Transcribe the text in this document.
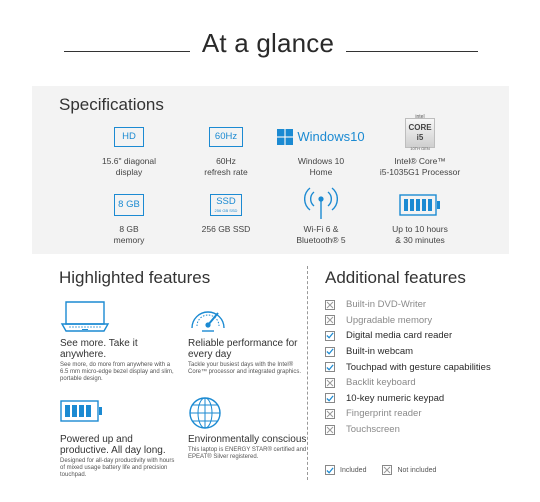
At a glance
Specifications
HD
15.6" diagonal
display
60Hz
60Hz
refresh rate
Windows10
Windows 10
Home
intel
CORE i5
10TH GEN
Intel® Core™
i5-1035G1 Processor
8 GB
8 GB
memory
SSD
256 GB SSD
256 GB SSD	Wi-Fi 6 &
Bluetooth® 5
Up to 10 hours
& 30 minutes
Highlighted features
See more. Take it anywhere.
See more, do more from anywhere with a 6.5 mm micro-edge bezel display and slim, portable design.
Reliable performance for every day
Tackle your busiest days with the Intel® Core™ processor and integrated graphics.
Powered up and productive. All day long.
Designed for all-day productivity with hours of mixed usage battery life and precision touchpad.
Environmentally conscious
This laptop is ENERGY STAR® certified and EPEAT® Silver registered.
Additional features
Built-in DVD-Writer
Upgradable memory
Digital media card reader
Built-in webcam
Touchpad with gesture capabilities
Backlit keyboard
10-key numeric keypad
Fingerprint reader
Touchscreen
Included	Not included
